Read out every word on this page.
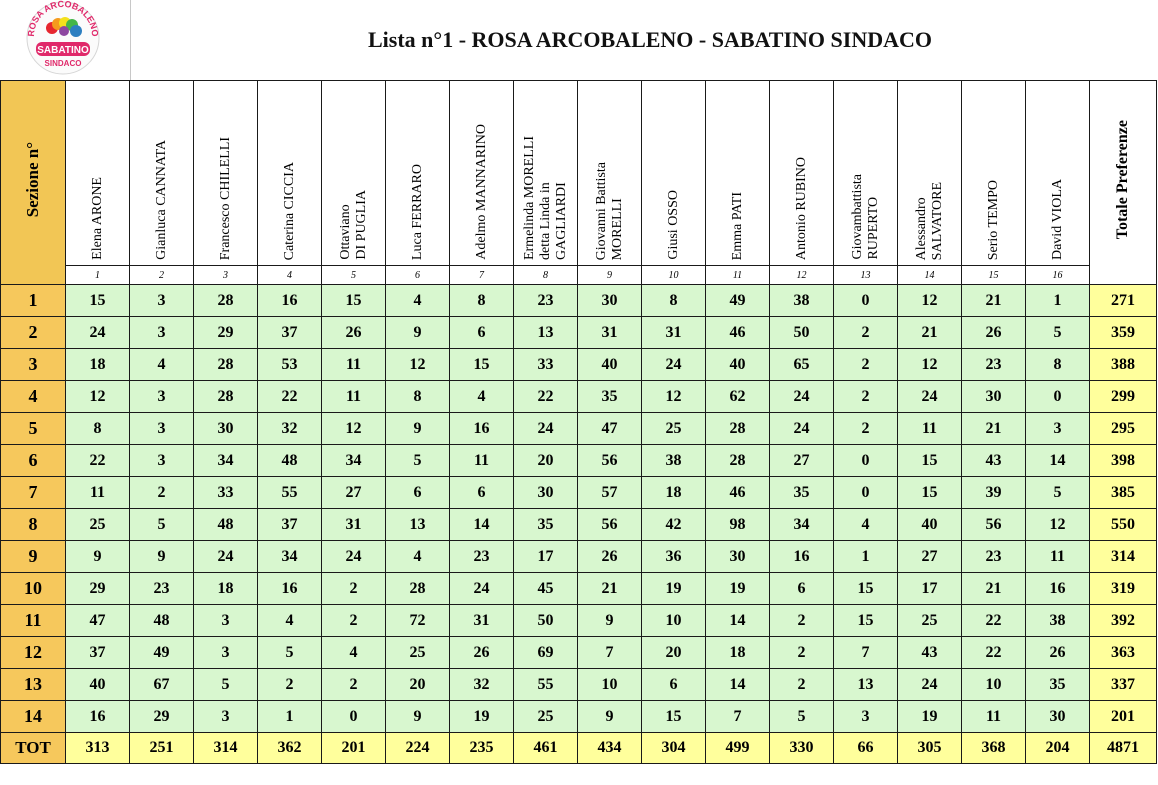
ROSA ARCOBALENO
SABATINO
SINDACO
Lista n°1 - ROSA ARCOBALENO - SABATINO SINDACO
Sezione n°	Elena ARONE	Gianluca CANNATA	Francesco CHILELLI	Caterina CICCIA	Ottaviano
DI PUGLIA	Luca FERRARO	Adelmo MANNARINO	Ermelinda MORELLI
detta Linda in
GAGLIARDI	Giovanni Battista
MORELLI	Giusi OSSO	Emma PATI	Antonio RUBINO	Giovambattista
RUPERTO	Alessandro
SALVATORE	Serio TEMPO	David VIOLA	Totale Preferenze
	1	2	3	4	5	6	7	8	9	10	11	12	13	14	15	16	
1	15	3	28	16	15	4	8	23	30	8	49	38	0	12	21	1	271
2	24	3	29	37	26	9	6	13	31	31	46	50	2	21	26	5	359
3	18	4	28	53	11	12	15	33	40	24	40	65	2	12	23	8	388
4	12	3	28	22	11	8	4	22	35	12	62	24	2	24	30	0	299
5	8	3	30	32	12	9	16	24	47	25	28	24	2	11	21	3	295
6	22	3	34	48	34	5	11	20	56	38	28	27	0	15	43	14	398
7	11	2	33	55	27	6	6	30	57	18	46	35	0	15	39	5	385
8	25	5	48	37	31	13	14	35	56	42	98	34	4	40	56	12	550
9	9	9	24	34	24	4	23	17	26	36	30	16	1	27	23	11	314
10	29	23	18	16	2	28	24	45	21	19	19	6	15	17	21	16	319
11	47	48	3	4	2	72	31	50	9	10	14	2	15	25	22	38	392
12	37	49	3	5	4	25	26	69	7	20	18	2	7	43	22	26	363
13	40	67	5	2	2	20	32	55	10	6	14	2	13	24	10	35	337
14	16	29	3	1	0	9	19	25	9	15	7	5	3	19	11	30	201
TOT	313	251	314	362	201	224	235	461	434	304	499	330	66	305	368	204	4871
